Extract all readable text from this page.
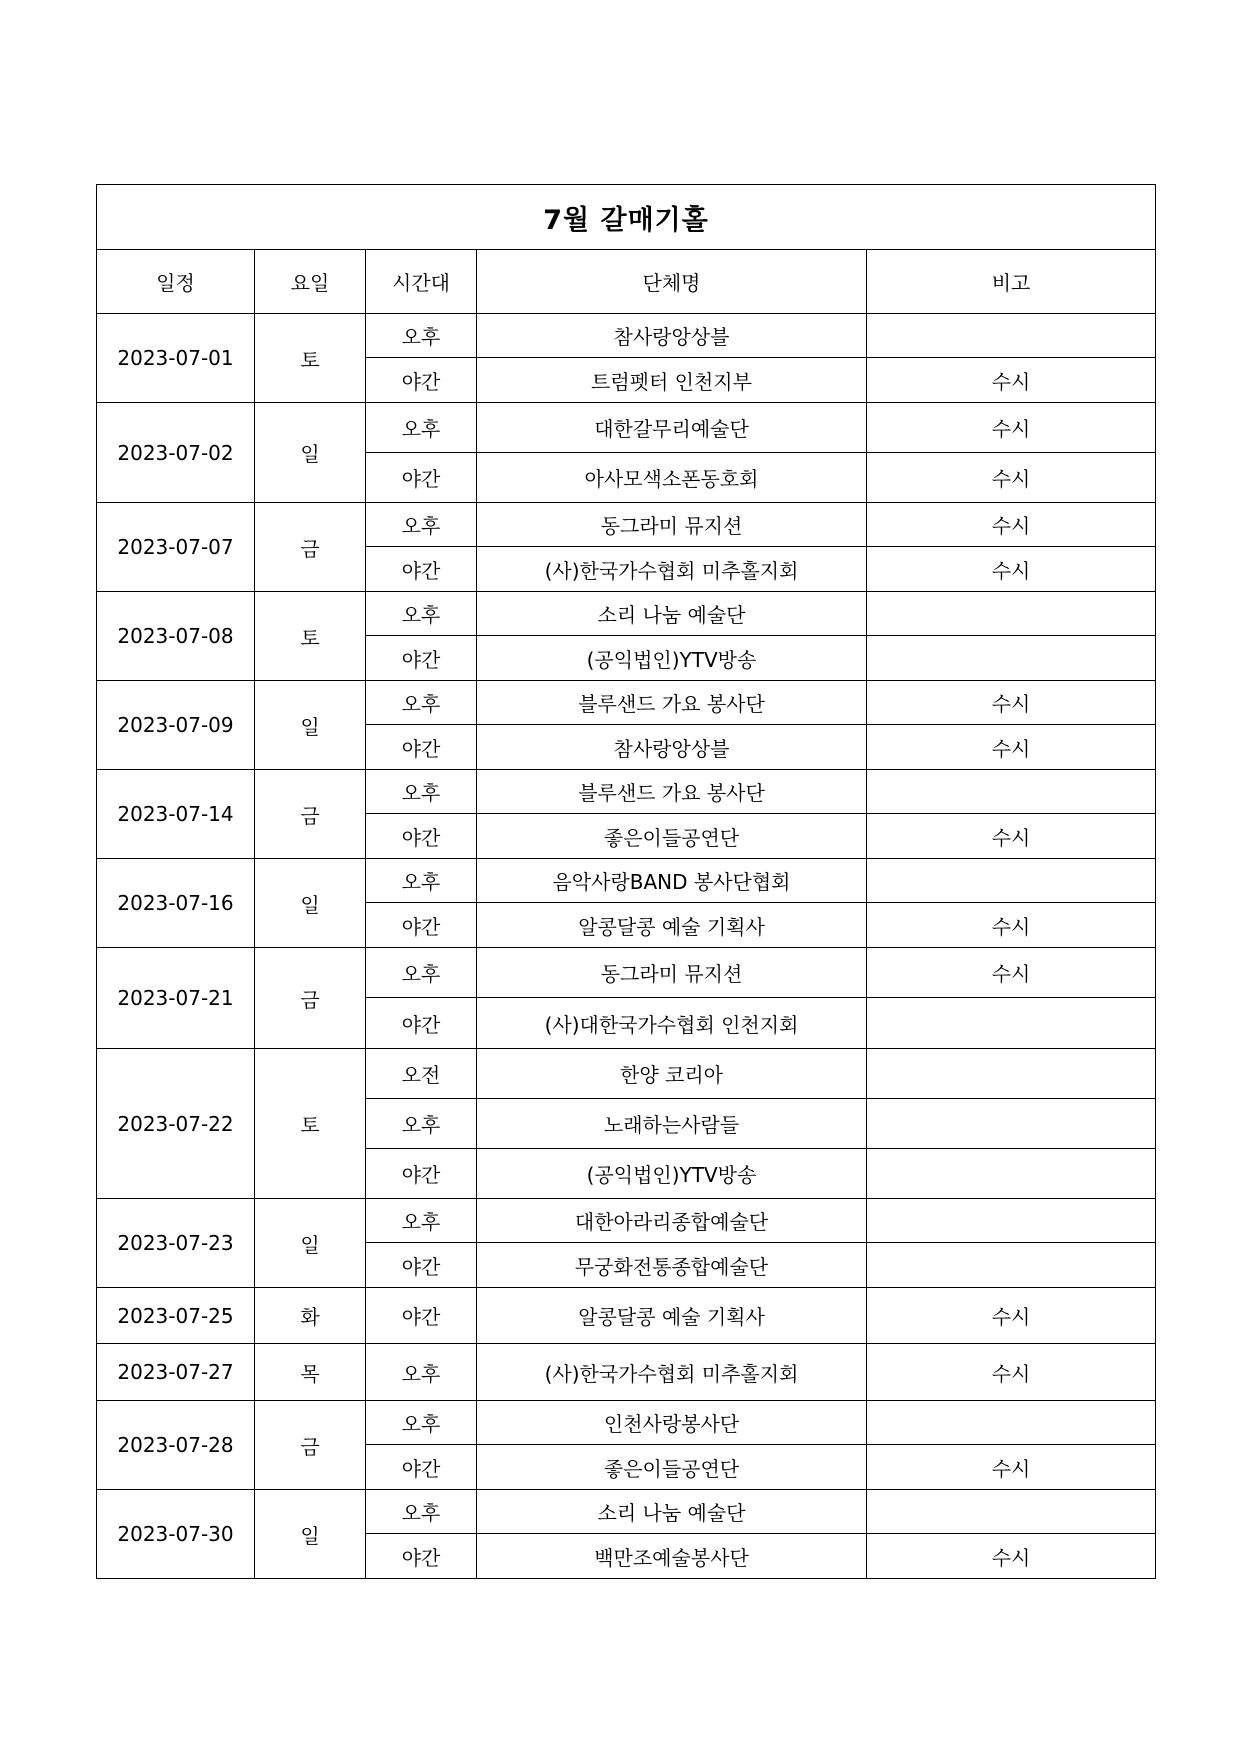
7월 갈매기홀				
일정	요일	시간대	단체명	비고
2023-07-01	토	오후	참사랑앙상블	
		야간	트럼펫터 인천지부	수시
2023-07-02	일	오후	대한갈무리예술단	수시
		야간	아사모색소폰동호회	수시
2023-07-07	금	오후	동그라미 뮤지션	수시
		야간	(사)한국가수협회 미추홀지회	수시
2023-07-08	토	오후	소리 나눔 예술단	
		야간	(공익법인)YTV방송	
2023-07-09	일	오후	블루샌드 가요 봉사단	수시
		야간	참사랑앙상블	수시
2023-07-14	금	오후	블루샌드 가요 봉사단	
		야간	좋은이들공연단	수시
2023-07-16	일	오후	음악사랑BAND 봉사단협회	
		야간	알콩달콩 예술 기획사	수시
2023-07-21	금	오후	동그라미 뮤지션	수시
		야간	(사)대한국가수협회 인천지회	
2023-07-22	토	오전	한양 코리아	
		오후	노래하는사람들	
		야간	(공익법인)YTV방송	
2023-07-23	일	오후	대한아라리종합예술단	
		야간	무궁화전통종합예술단	
2023-07-25	화	야간	알콩달콩 예술 기획사	수시
2023-07-27	목	오후	(사)한국가수협회 미추홀지회	수시
2023-07-28	금	오후	인천사랑봉사단	
		야간	좋은이들공연단	수시
2023-07-30	일	오후	소리 나눔 예술단	
		야간	백만조예술봉사단	수시
